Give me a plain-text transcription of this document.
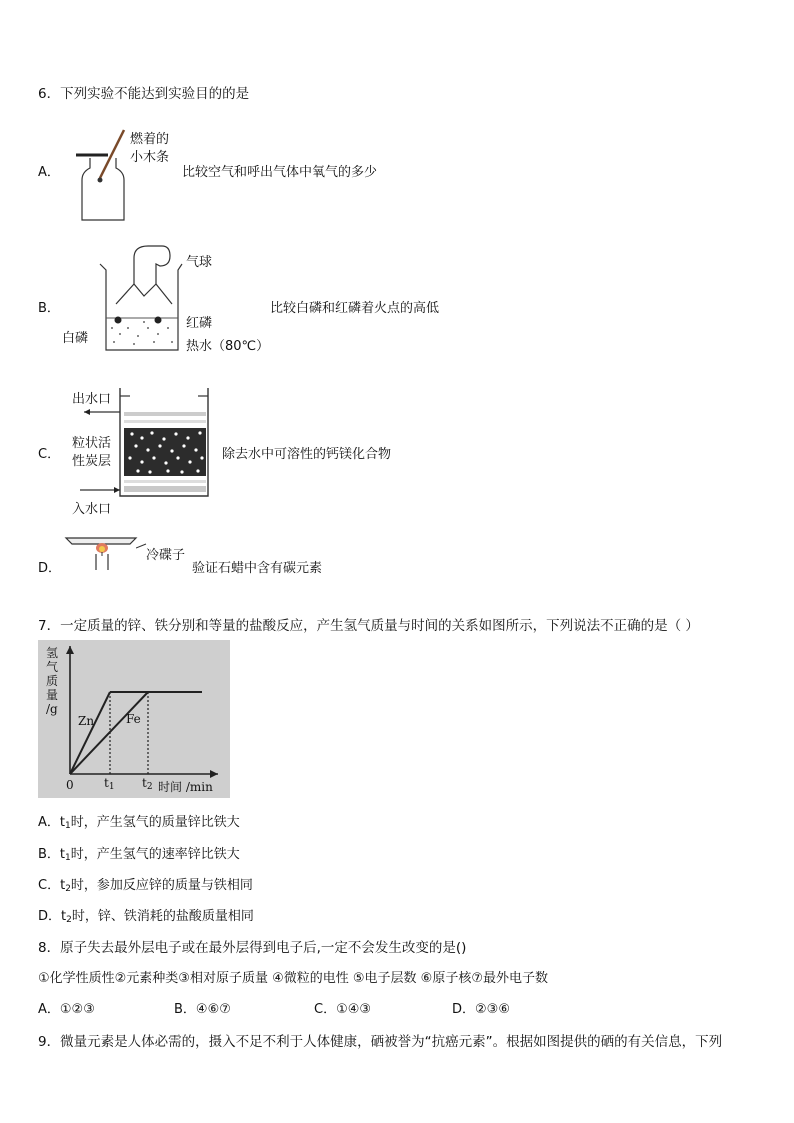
6．下列实验不能达到实验目的的是
A．
燃着的
小木条
比较空气和呼出气体中氧气的多少
B．
气球
红磷
白磷
热水（80℃）
比较白磷和红磷着火点的高低
C．
出水口
粒状活
性炭层
入水口
除去水中可溶性的钙镁化合物
D．
冷碟子
验证石蜡中含有碳元素
7．一定质量的锌、铁分别和等量的盐酸反应，产生氢气质量与时间的关系如图所示，下列说法不正确的是（ ）
氢
气
质
量
/g
Zn	Fe
0	$t_1$ $t_2$ 时间 /min
A．$t_1$时，产生氢气的质量锌比铁大
B．$t_1$时，产生氢气的速率锌比铁大
C．$t_2$时，参加反应锌的质量与铁相同
D．$t_2$时，锌、铁消耗的盐酸质量相同
8．原子失去最外层电子或在最外层得到电子后,一定不会发生改变的是()
①化学性质性②元素种类③相对原子质量 ④微粒的电性 ⑤电子层数 ⑥原子核⑦最外电子数
A．①②③	B．④⑥⑦	C．①④③	D．②③⑥
9．微量元素是人体必需的，摄入不足不利于人体健康，硒被誉为“抗癌元素”。根据如图提供的硒的有关信息，下列
